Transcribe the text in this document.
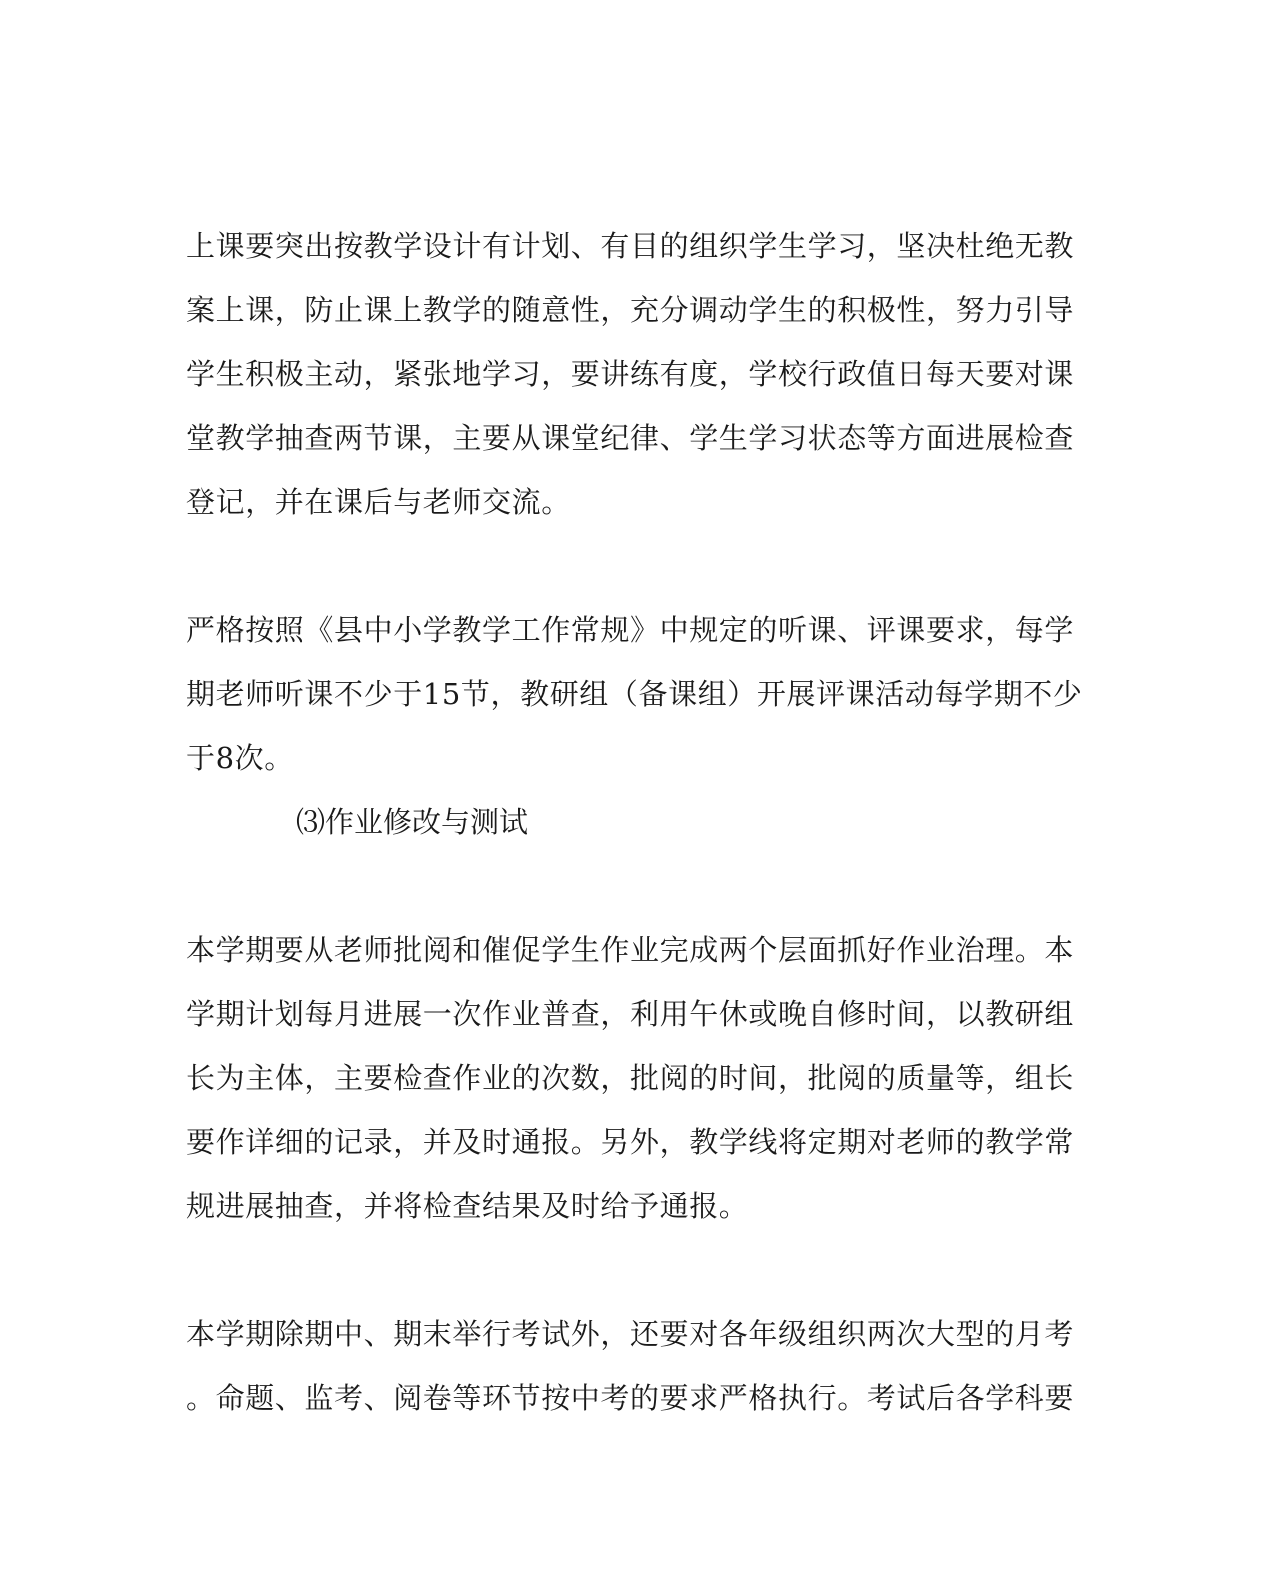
上课要突出按教学设计有计划、有目的组织学生学习，坚决杜绝无教
案上课，防止课上教学的随意性，充分调动学生的积极性，努力引导
学生积极主动，紧张地学习，要讲练有度，学校行政值日每天要对课
堂教学抽查两节课，主要从课堂纪律、学生学习状态等方面进展检查
登记，并在课后与老师交流。
严格按照《县中小学教学工作常规》中规定的听课、评课要求，每学
期老师听课不少于15节，教研组（备课组）开展评课活动每学期不少
于8次。
⑶作业修改与测试
本学期要从老师批阅和催促学生作业完成两个层面抓好作业治理。本
学期计划每月进展一次作业普查，利用午休或晚自修时间，以教研组
长为主体，主要检查作业的次数，批阅的时间，批阅的质量等，组长
要作详细的记录，并及时通报。另外，教学线将定期对老师的教学常
规进展抽查，并将检查结果及时给予通报。
本学期除期中、期末举行考试外，还要对各年级组织两次大型的月考
。命题、监考、阅卷等环节按中考的要求严格执行。考试后各学科要
